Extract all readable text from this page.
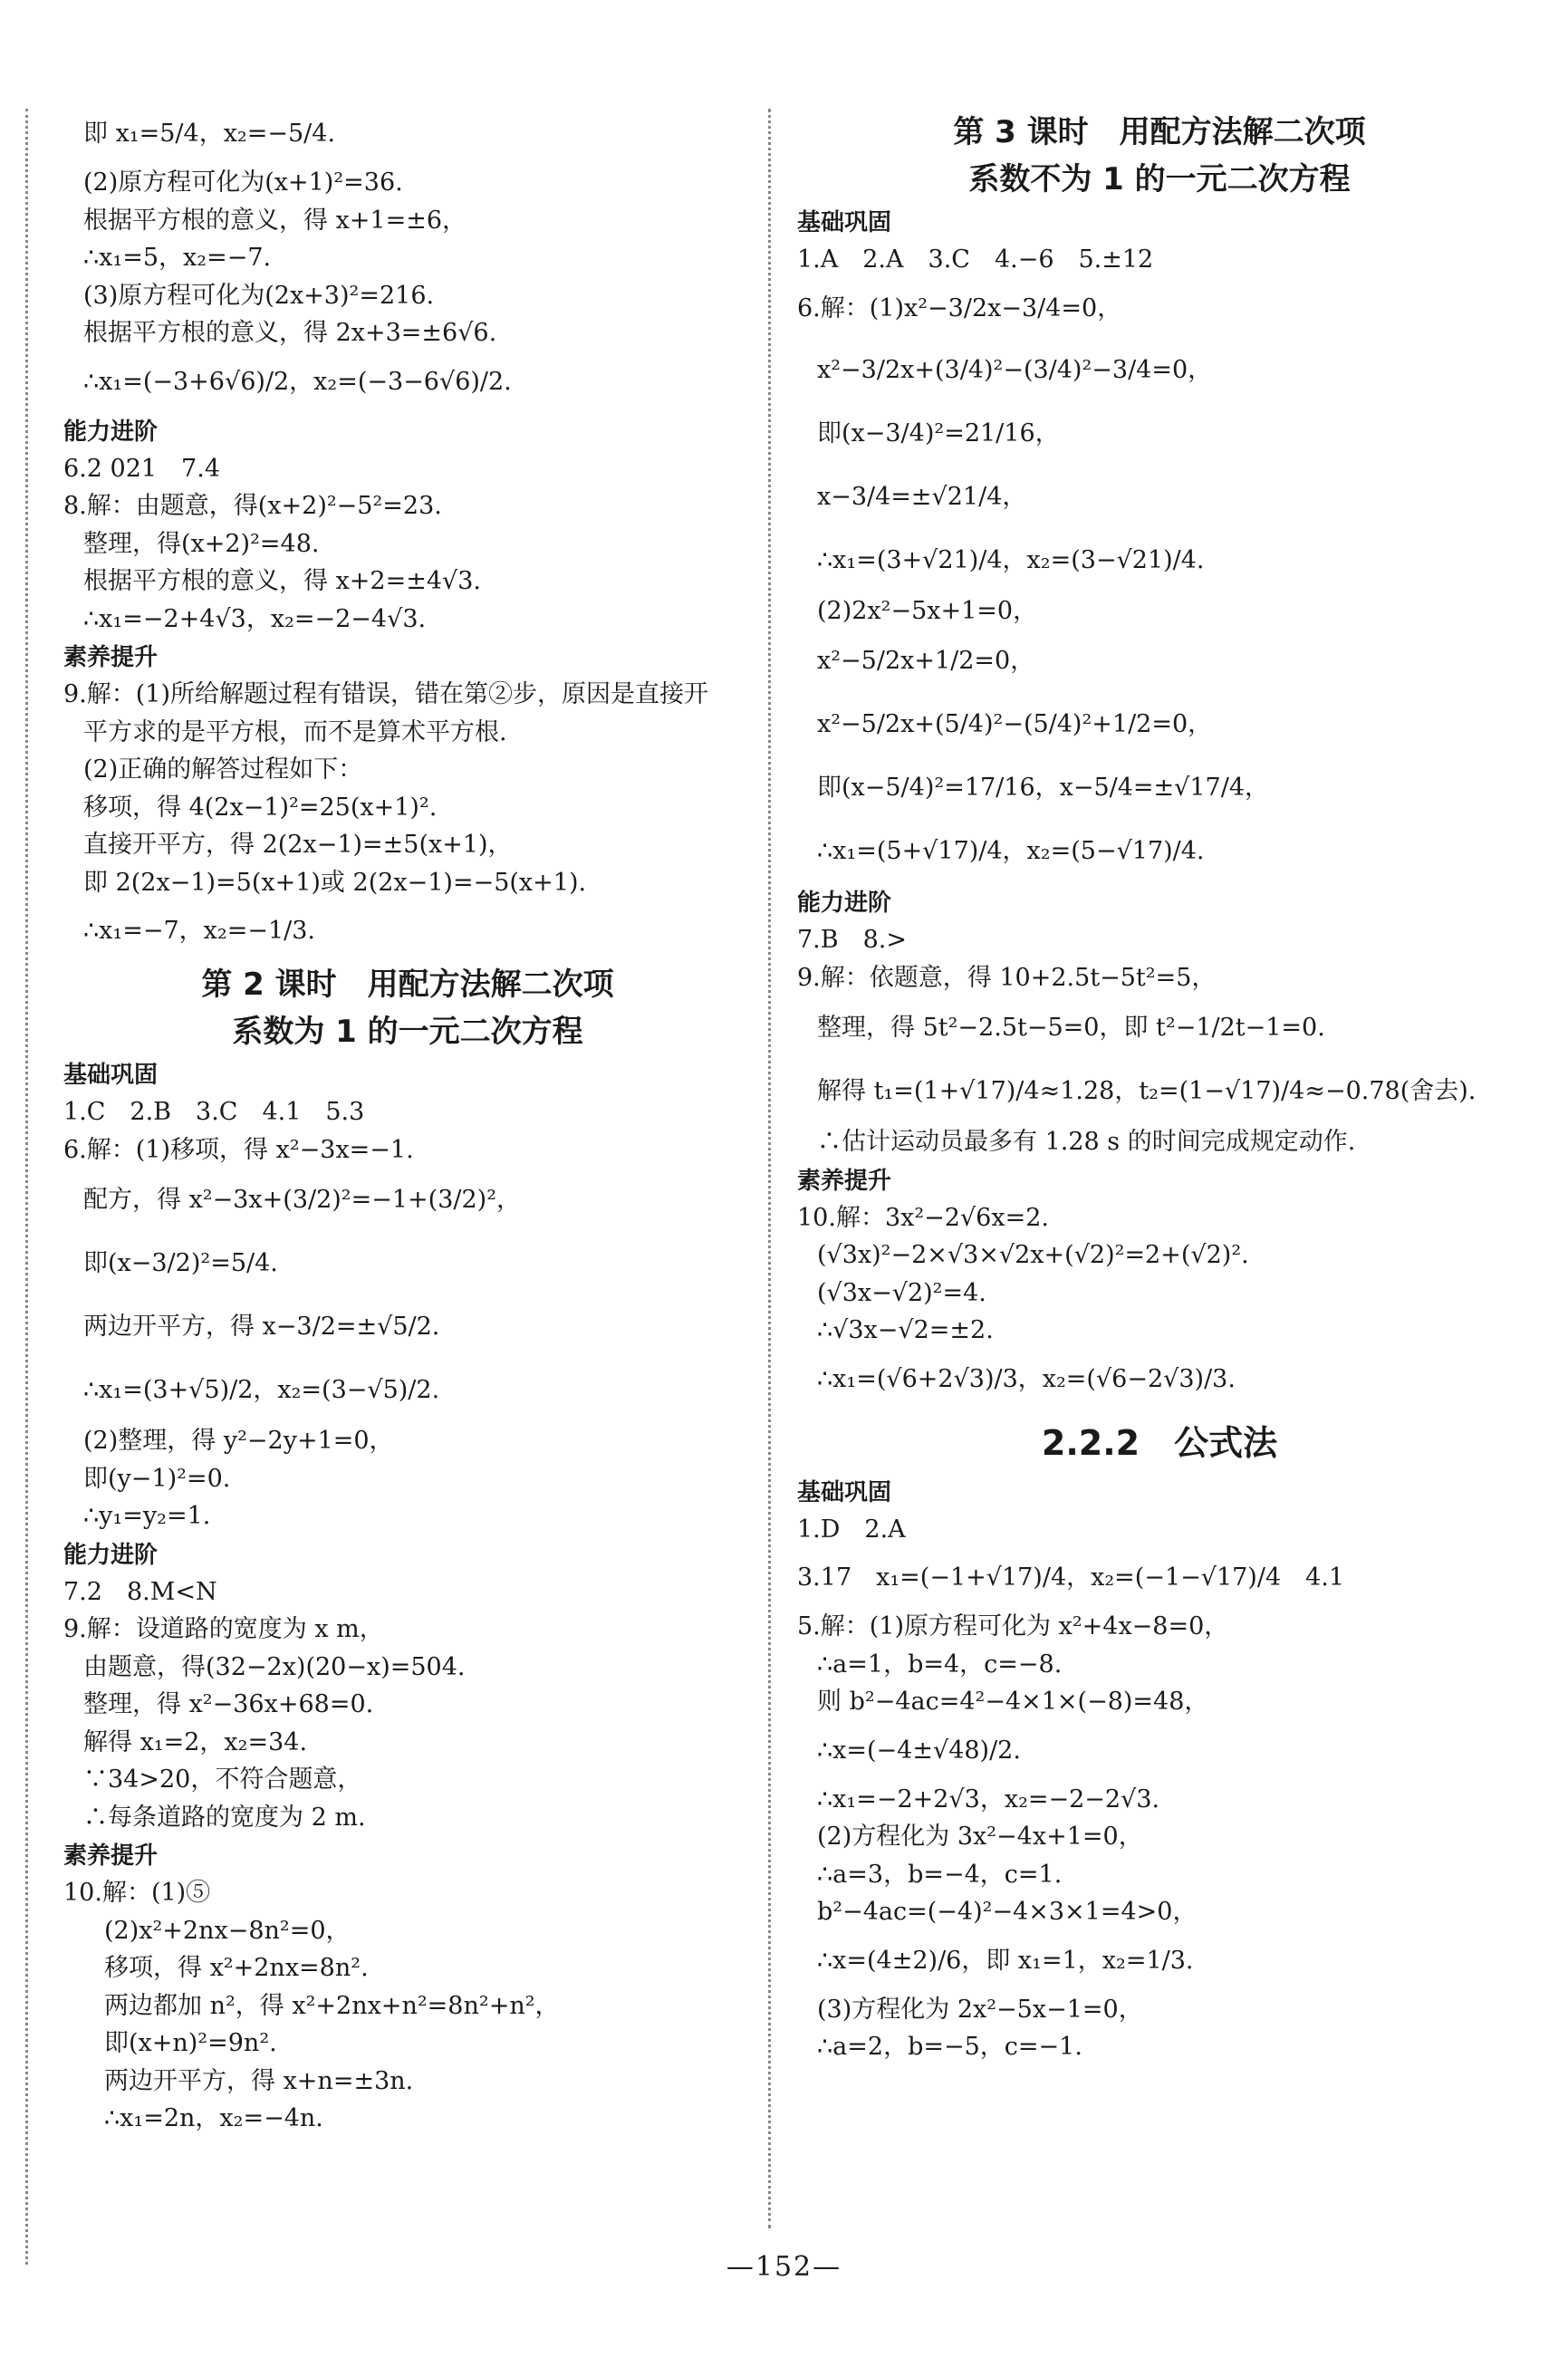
即 x₁=5/4，x₂=−5/4.
(2)原方程可化为(x+1)²=36.
根据平方根的意义，得 x+1=±6，
∴x₁=5，x₂=−7.
(3)原方程可化为(2x+3)²=216.
根据平方根的意义，得 2x+3=±6√6.
∴x₁=(−3+6√6)/2，x₂=(−3−6√6)/2.
能力进阶
6.2 021　7.4
8.解：由题意，得(x+2)²−5²=23.
整理，得(x+2)²=48.
根据平方根的意义，得 x+2=±4√3.
∴x₁=−2+4√3，x₂=−2−4√3.
素养提升
9.解：(1)所给解题过程有错误，错在第②步，原因是直接开
平方求的是平方根，而不是算术平方根.
(2)正确的解答过程如下：
移项，得 4(2x−1)²=25(x+1)².
直接开平方，得 2(2x−1)=±5(x+1)，
即 2(2x−1)=5(x+1)或 2(2x−1)=−5(x+1).
∴x₁=−7，x₂=−1/3.
第 2 课时　用配方法解二次项
系数为 1 的一元二次方程
基础巩固
1.C　2.B　3.C　4.1　5.3
6.解：(1)移项，得 x²−3x=−1.
配方，得 x²−3x+(3/2)²=−1+(3/2)²，
即(x−3/2)²=5/4.
两边开平方，得 x−3/2=±√5/2.
∴x₁=(3+√5)/2，x₂=(3−√5)/2.
(2)整理，得 y²−2y+1=0，
即(y−1)²=0.
∴y₁=y₂=1.
能力进阶
7.2　8.M<N
9.解：设道路的宽度为 x m，
由题意，得(32−2x)(20−x)=504.
整理，得 x²−36x+68=0.
解得 x₁=2，x₂=34.
∵34>20，不符合题意，
∴每条道路的宽度为 2 m.
素养提升
10.解：(1)⑤
(2)x²+2nx−8n²=0，
移项，得 x²+2nx=8n².
两边都加 n²，得 x²+2nx+n²=8n²+n²，
即(x+n)²=9n².
两边开平方，得 x+n=±3n.
∴x₁=2n，x₂=−4n.
第 3 课时　用配方法解二次项
系数不为 1 的一元二次方程
基础巩固
1.A　2.A　3.C　4.−6　5.±12
6.解：(1)x²−3/2x−3/4=0，
x²−3/2x+(3/4)²−(3/4)²−3/4=0，
即(x−3/4)²=21/16，
x−3/4=±√21/4，
∴x₁=(3+√21)/4，x₂=(3−√21)/4.
(2)2x²−5x+1=0，
x²−5/2x+1/2=0，
x²−5/2x+(5/4)²−(5/4)²+1/2=0，
即(x−5/4)²=17/16，x−5/4=±√17/4，
∴x₁=(5+√17)/4，x₂=(5−√17)/4.
能力进阶
7.B　8.>
9.解：依题意，得 10+2.5t−5t²=5，
整理，得 5t²−2.5t−5=0，即 t²−1/2t−1=0.
解得 t₁=(1+√17)/4≈1.28，t₂=(1−√17)/4≈−0.78(舍去).
∴估计运动员最多有 1.28 s 的时间完成规定动作.
素养提升
10.解：3x²−2√6x=2.
(√3x)²−2×√3×√2x+(√2)²=2+(√2)².
(√3x−√2)²=4.
∴√3x−√2=±2.
∴x₁=(√6+2√3)/3，x₂=(√6−2√3)/3.
2.2.2　公式法
基础巩固
1.D　2.A
3.17　x₁=(−1+√17)/4，x₂=(−1−√17)/4　4.1
5.解：(1)原方程可化为 x²+4x−8=0，
∴a=1，b=4，c=−8.
则 b²−4ac=4²−4×1×(−8)=48，
∴x=(−4±√48)/2.
∴x₁=−2+2√3，x₂=−2−2√3.
(2)方程化为 3x²−4x+1=0，
∴a=3，b=−4，c=1.
b²−4ac=(−4)²−4×3×1=4>0，
∴x=(4±2)/6，即 x₁=1，x₂=1/3.
(3)方程化为 2x²−5x−1=0，
∴a=2，b=−5，c=−1.
—152—
